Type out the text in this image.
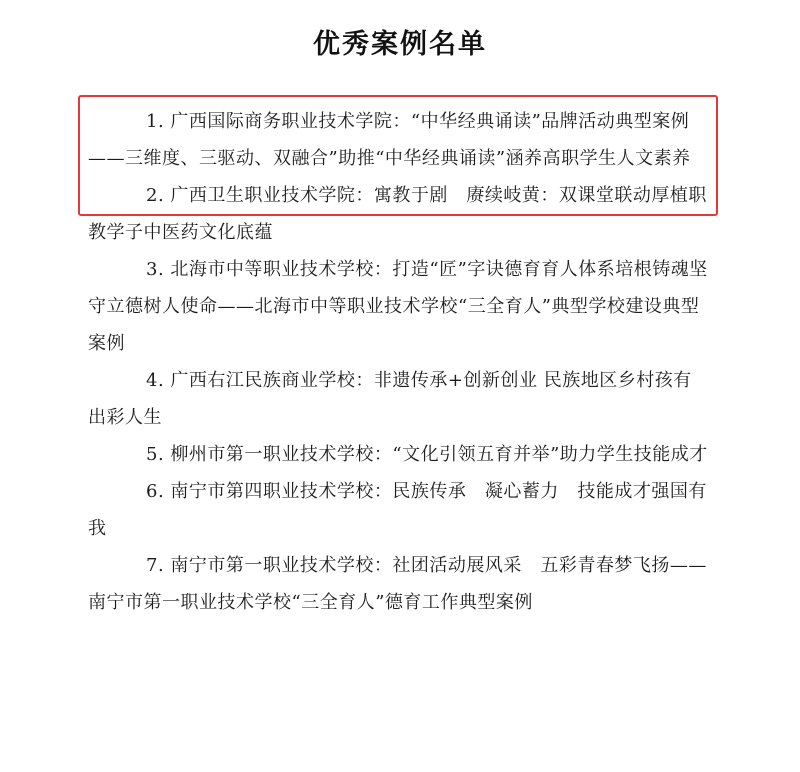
优秀案例名单
1. 广西国际商务职业技术学院：“中华经典诵读”品牌活动典型案例——三维度、三驱动、双融合”助推“中华经典诵读”涵养高职学生人文素养
2. 广西卫生职业技术学院：寓教于剧　赓续岐黄：双课堂联动厚植职教学子中医药文化底蕴
3. 北海市中等职业技术学校：打造“匠”字诀德育育人体系培根铸魂坚守立德树人使命——北海市中等职业技术学校“三全育人”典型学校建设典型案例
4. 广西右江民族商业学校：非遗传承+创新创业 民族地区乡村孩有出彩人生
5. 柳州市第一职业技术学校：“文化引领五育并举”助力学生技能成才
6. 南宁市第四职业技术学校：民族传承　凝心蓄力　技能成才强国有我
7. 南宁市第一职业技术学校：社团活动展风采　五彩青春梦飞扬——南宁市第一职业技术学校“三全育人”德育工作典型案例
